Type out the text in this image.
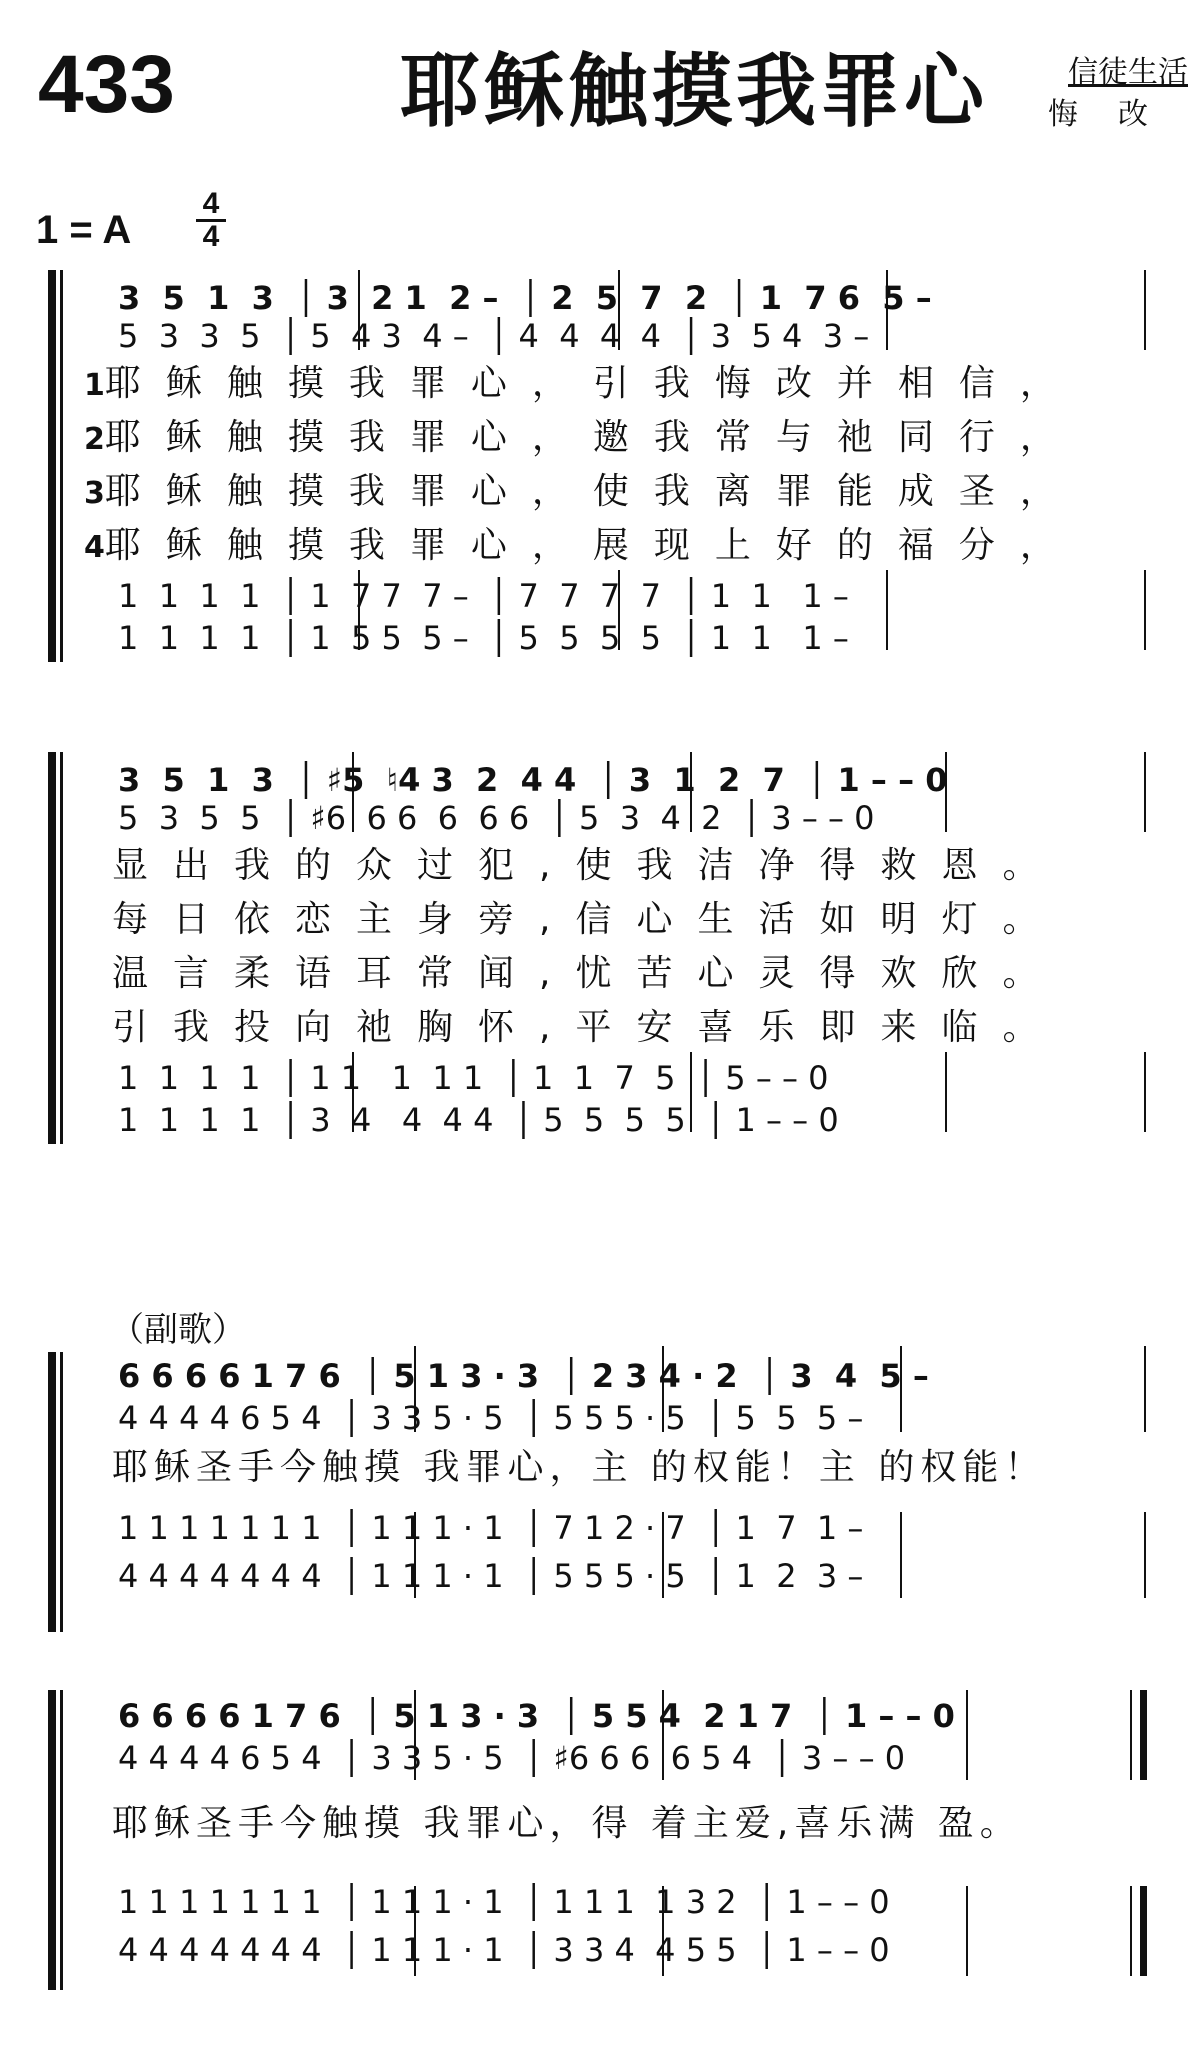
433	耶稣触摸我罪心	信徒生活
悔改
1 = A
4
4
3  5  1  3  │ 3  2 1  2 –  │ 2  5  7  2  │ 1  7 6  5 –
5  3  3  5  │ 5  4 3  4 –  │ 4  4  4  4  │ 3  5 4  3 –
1耶稣触摸我罪心，引我悔改并相信，
2耶稣触摸我罪心，邀我常与祂同行，
3耶稣触摸我罪心，使我离罪能成圣，
4耶稣触摸我罪心，展现上好的福分，
1  1  1  1  │ 1  7 7  7 –  │ 7  7  7  7  │ 1  1   1 –
1  1  1  1  │ 1  5 5  5 –  │ 5  5  5  5  │ 1  1   1 –
3  5  1  3  │ ♯5  ♮4 3  2  4 4  │ 3  1  2  7  │ 1 – – 0
5  3  5  5  │ ♯6  6 6  6  6 6  │ 5  3  4  2  │ 3 – – 0
显出我的众过犯,使我洁净得救恩。
每日依恋主身旁,信心生活如明灯。
温言柔语耳常闻,忧苦心灵得欢欣。
引我投向祂胸怀,平安喜乐即来临。
1  1  1  1  │ 1 1   1  1 1  │ 1  1  7  5  │ 5 – – 0
1  1  1  1  │ 3  4   4  4 4  │ 5  5  5  5  │ 1 – – 0
（副歌）
6 6 6 6 1 7 6  │ 5 1 3 · 3  │ 2 3 4 · 2  │ 3  4  5 –
4 4 4 4 6 5 4  │ 3 3 5 · 5  │ 5 5 5 · 5  │ 5  5  5 –
耶稣圣手今触摸 我罪心，主 的权能！主 的权能！
1 1 1 1 1 1 1  │ 1 1 1 · 1  │ 7 1 2 · 7  │ 1  7  1 –
4 4 4 4 4 4 4  │ 1 1 1 · 1  │ 5 5 5 · 5  │ 1  2  3 –
6 6 6 6 1 7 6  │ 5 1 3 · 3  │ 5 5 4  2 1 7  │ 1 – – 0
4 4 4 4 6 5 4  │ 3 3 5 · 5  │ ♯6 6 6  6 5 4  │ 3 – – 0
耶稣圣手今触摸 我罪心，得 着主爱,喜乐满 盈。
1 1 1 1 1 1 1  │ 1 1 1 · 1  │ 1 1 1  1 3 2  │ 1 – – 0
4 4 4 4 4 4 4  │ 1 1 1 · 1  │ 3 3 4  4 5 5  │ 1 – – 0
